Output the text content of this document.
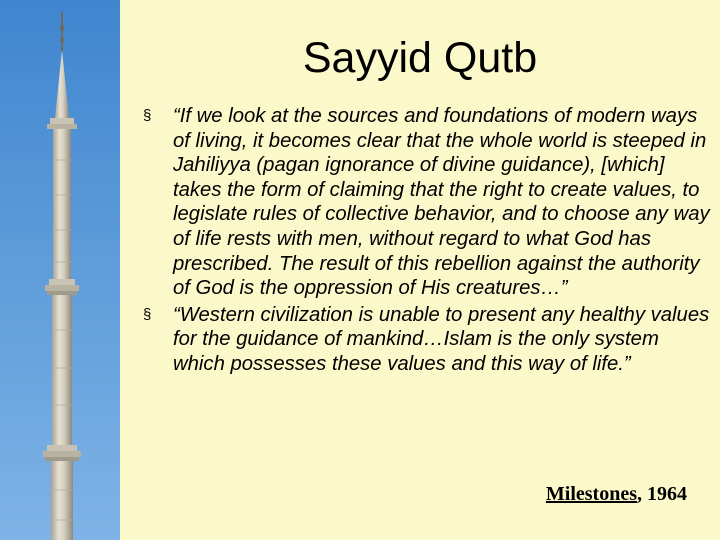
Sayyid Qutb
§ “If we look at the sources and foundations of modern ways of living, it becomes clear that the whole world is steeped in Jahiliyya (pagan ignorance of divine guidance), [which] takes the form of claiming that the right to create values, to legislate rules of collective behavior, and to choose any way of life rests with men, without regard to what God has prescribed. The result of this rebellion against the authority of God is the oppression of His creatures…”
§ “Western civilization is unable to present any healthy values for the guidance of mankind…Islam is the only system which possesses these values and this way of life.”
Milestones, 1964
